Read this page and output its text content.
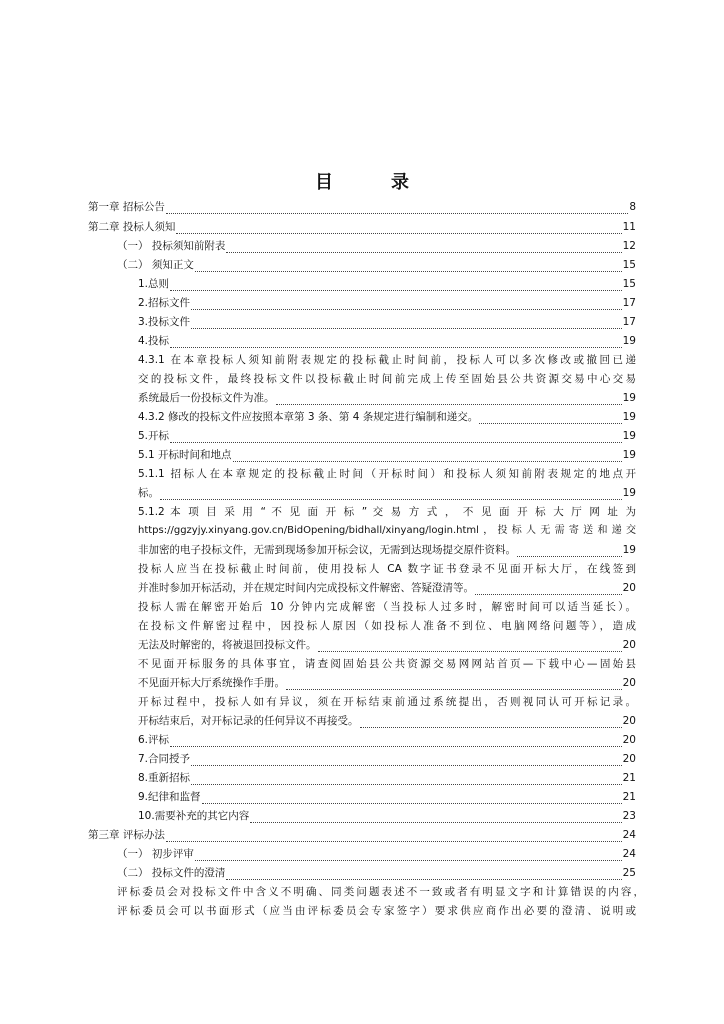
目　录
第一章 招标公告	8
第二章 投标人须知	11
（一） 投标须知前附表	12
（二） 须知正文	15
1.总则	15
2.招标文件	17
3.投标文件	17
4.投标	19
4.3.1 在本章投标人须知前附表规定的投标截止时间前，投标人可以多次修改或撤回已递
交的投标文件，最终投标文件以投标截止时间前完成上传至固始县公共资源交易中心交易
系统最后一份投标文件为准。	19
4.3.2 修改的投标文件应按照本章第 3 条、第 4 条规定进行编制和递交。	19
5.开标	19
5.1 开标时间和地点	19
5.1.1 招标人在本章规定的投标截止时间（开标时间）和投标人须知前附表规定的地点开
标。	19
5.1.2 本 项 目 采 用 “ 不 见 面 开 标 ” 交 易 方 式 ， 不 见 面 开 标 大 厅 网 址 为
https://ggzyjy.xinyang.gov.cn/BidOpening/bidhall/xinyang/login.html，投标人无需寄送和递交
非加密的电子投标文件，无需到现场参加开标会议，无需到达现场提交原件资料。	19
投标人应当在投标截止时间前，使用投标人 CA 数字证书登录不见面开标大厅，在线签到
并准时参加开标活动，并在规定时间内完成投标文件解密、答疑澄清等。	20
投标人需在解密开始后 10 分钟内完成解密（当投标人过多时，解密时间可以适当延长）。
在投标文件解密过程中，因投标人原因（如投标人准备不到位、电脑网络问题等），造成
无法及时解密的，将被退回投标文件。	20
不见面开标服务的具体事宜，请查阅固始县公共资源交易网网站首页—下载中心—固始县
不见面开标大厅系统操作手册。	20
开标过程中，投标人如有异议，须在开标结束前通过系统提出，否则视同认可开标记录。
开标结束后，对开标记录的任何异议不再接受。	20
6.评标	20
7.合同授予	20
8.重新招标	21
9.纪律和监督	21
10.需要补充的其它内容	23
第三章 评标办法	24
（一） 初步评审	24
（二） 投标文件的澄清	25
评标委员会对投标文件中含义不明确、同类问题表述不一致或者有明显文字和计算错误的内容，
评标委员会可以书面形式（应当由评标委员会专家签字）要求供应商作出必要的澄清、说明或
